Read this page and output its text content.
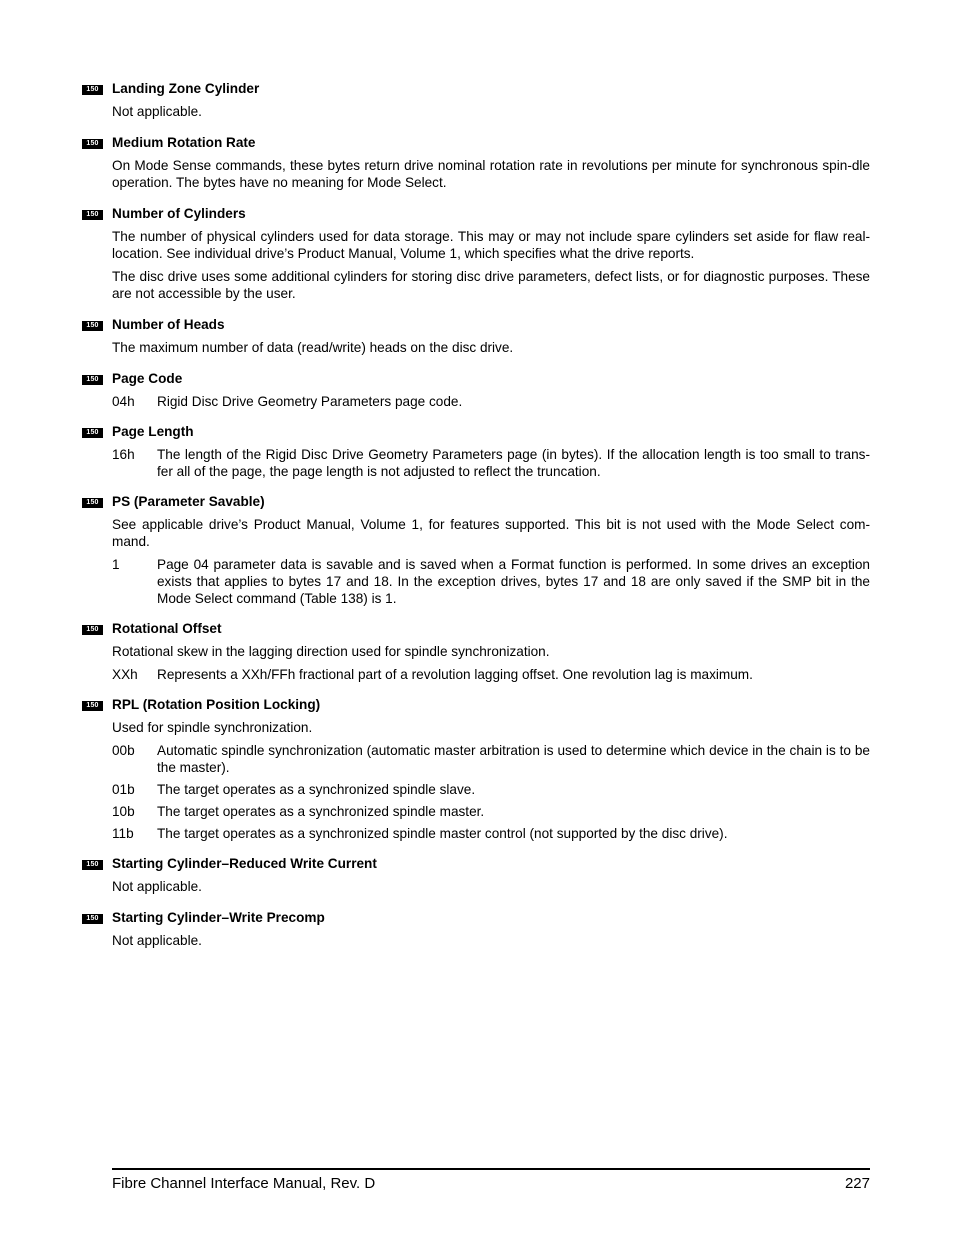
150 Landing Zone Cylinder

Not applicable.

150 Medium Rotation Rate

On Mode Sense commands, these bytes return drive nominal rotation rate in revolutions per minute for synchronous spin-dle operation. The bytes have no meaning for Mode Select.

150 Number of Cylinders

The number of physical cylinders used for data storage. This may or may not include spare cylinders set aside for flaw real-location. See individual drive’s Product Manual, Volume 1, which specifies what the drive reports.

The disc drive uses some additional cylinders for storing disc drive parameters, defect lists, or for diagnostic purposes. These are not accessible by the user.

150 Number of Heads

The maximum number of data (read/write) heads on the disc drive.

150 Page Code
04h	Rigid Disc Drive Geometry Parameters page code.
150 Page Length
16h	The length of the Rigid Disc Drive Geometry Parameters page (in bytes). If the allocation length is too small to trans-fer all of the page, the page length is not adjusted to reflect the truncation.
150 PS (Parameter Savable)

See applicable drive’s Product Manual, Volume 1, for features supported. This bit is not used with the Mode Select com-mand.

1	Page 04 parameter data is savable and is saved when a Format function is performed. In some drives an exception exists that applies to bytes 17 and 18. In the exception drives, bytes 17 and 18 are only saved if the SMP bit in the Mode Select command (Table 138) is 1.
150 Rotational Offset

Rotational skew in the lagging direction used for spindle synchronization.

XXh	Represents a XXh/FFh fractional part of a revolution lagging offset. One revolution lag is maximum.
150 RPL (Rotation Position Locking)

Used for spindle synchronization.

00b	Automatic spindle synchronization (automatic master arbitration is used to determine which device in the chain is to be the master).
01b	The target operates as a synchronized spindle slave.
10b	The target operates as a synchronized spindle master.
11b	The target operates as a synchronized spindle master control (not supported by the disc drive).
150 Starting Cylinder–Reduced Write Current

Not applicable.

150 Starting Cylinder–Write Precomp

Not applicable.

Fibre Channel Interface Manual, Rev. D	227
